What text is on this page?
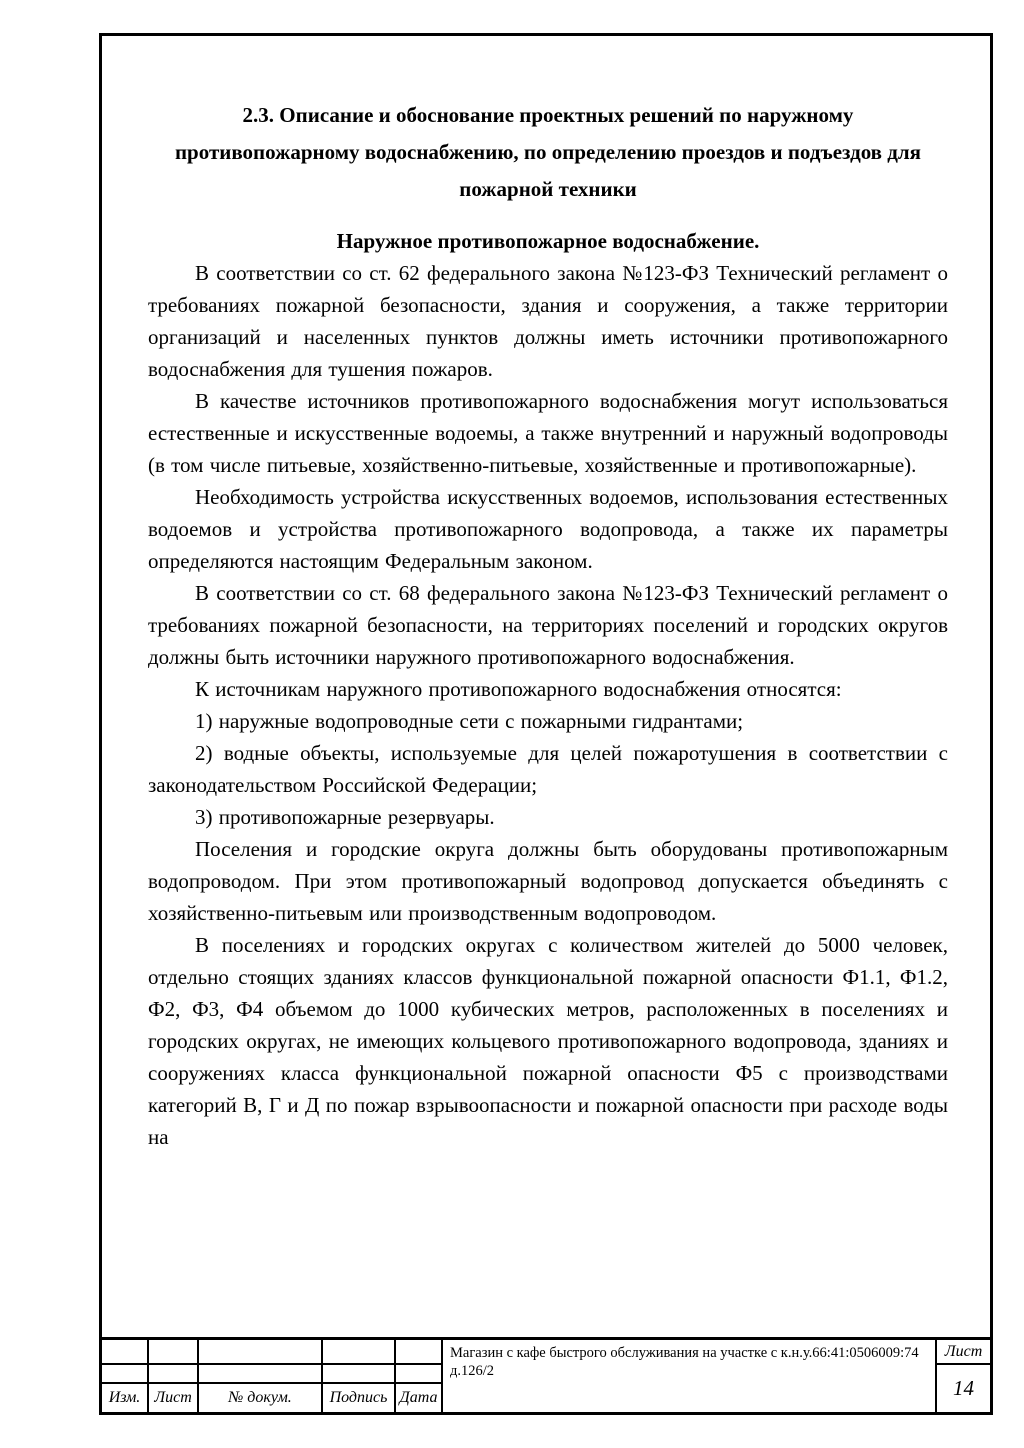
2.3. Описание и обоснование проектных решений по наружному противопожарному водоснабжению, по определению проездов и подъездов для пожарной техники
Наружное противопожарное водоснабжение.

В соответствии со ст. 62 федерального закона №123-ФЗ Технический регламент о требованиях пожарной безопасности, здания и сооружения, а также территории организаций и населенных пунктов должны иметь источники противопожарного водоснабжения для тушения пожаров.

В качестве источников противопожарного водоснабжения могут использоваться естественные и искусственные водоемы, а также внутренний и наружный водопроводы (в том числе питьевые, хозяйственно-питьевые, хозяйственные и противопожарные).

Необходимость устройства искусственных водоемов, использования естественных водоемов и устройства противопожарного водопровода, а также их параметры определяются настоящим Федеральным законом.

В соответствии со ст. 68 федерального закона №123-ФЗ Технический регламент о требованиях пожарной безопасности, на территориях поселений и городских округов должны быть источники наружного противопожарного водоснабжения.

К источникам наружного противопожарного водоснабжения относятся:

1) наружные водопроводные сети с пожарными гидрантами;

2) водные объекты, используемые для целей пожаротушения в соответствии с законодательством Российской Федерации;

3) противопожарные резервуары.

Поселения и городские округа должны быть оборудованы противопожарным водопроводом. При этом противопожарный водопровод допускается объединять с хозяйственно-питьевым или производственным водопроводом.

В поселениях и городских округах с количеством жителей до 5000 человек, отдельно стоящих зданиях классов функциональной пожарной опасности Ф1.1, Ф1.2, Ф2, Ф3, Ф4 объемом до 1000 кубических метров, расположенных в поселениях и городских округах, не имеющих кольцевого противопожарного водопровода, зданиях и сооружениях класса функциональной пожарной опасности Ф5 с производствами категорий В, Г и Д по пожар взрывоопасности и пожарной опасности при расходе воды на

Изм. Лист	№ докум.	Подпись Дата
Магазин с кафе быстрого обслуживания на участке с к.н.у.66:41:0506009:74 д.126/2
Лист
14
